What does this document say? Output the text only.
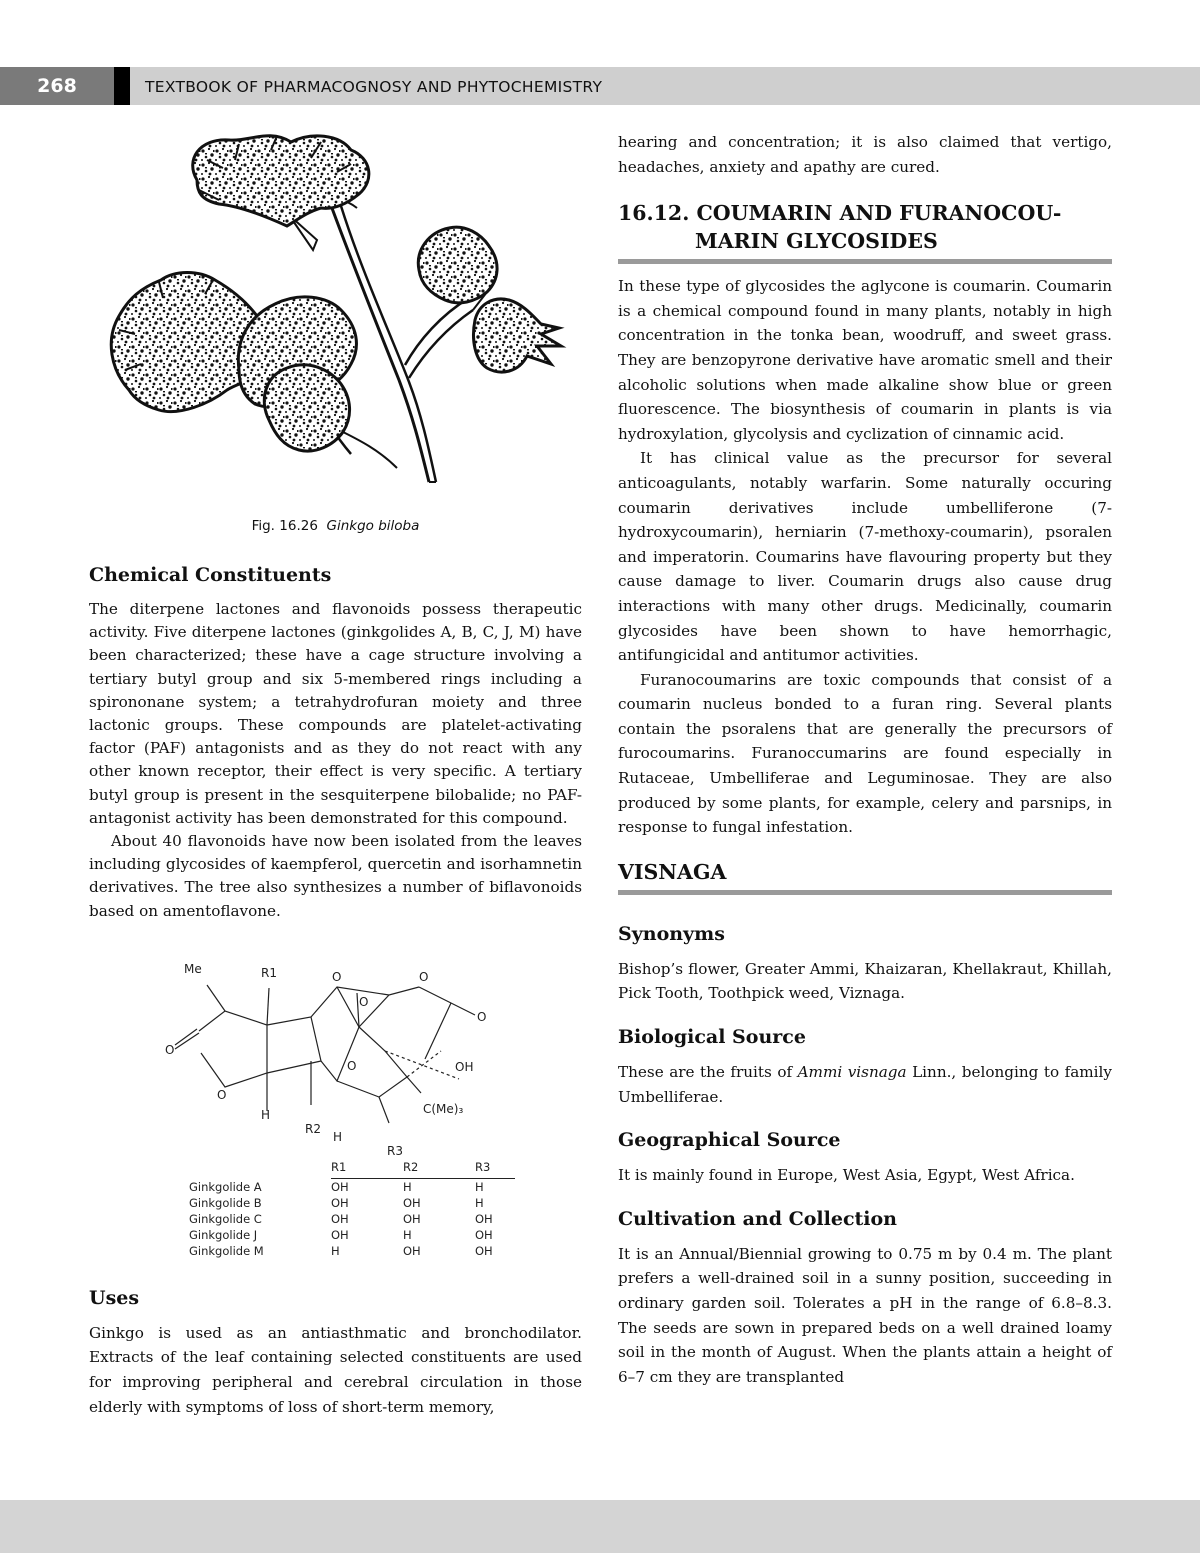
268	TEXTBOOK OF PHARMACOGNOSY AND PHYTOCHEMISTRY
Fig. 16.26 Ginkgo biloba
Chemical Constituents

The diterpene lactones and flavonoids possess therapeutic activity. Five diterpene lactones (ginkgolides A, B, C, J, M) have been characterized; these have a cage structure involving a tertiary butyl group and six 5-membered rings including a spirononane system; a tetrahydrofuran moiety and three lactonic groups. These compounds are platelet-activating factor (PAF) antagonists and as they do not react with any other known receptor, their effect is very specific. A tertiary butyl group is present in the sesquiterpene bilobalide; no PAF-antagonist activity has been demonstrated for this compound.

About 40 flavonoids have now been isolated from the leaves including glycosides of kaempferol, quercetin and isorhamnetin derivatives. The tree also synthesizes a number of biflavonoids based on amentoflavone.

Me	R1	O	O
O
O
O
O
O	OH
H
R2
H
C(Me)₃
R3
	R1	R2	R3
Ginkgolide A	OH	H	H
Ginkgolide B	OH	OH	H
Ginkgolide C	OH	OH	OH
Ginkgolide J	OH	H	OH
Ginkgolide M	H	OH	OH
Uses

Ginkgo is used as an antiasthmatic and bronchodilator. Extracts of the leaf containing selected constituents are used for improving peripheral and cerebral circulation in those elderly with symptoms of loss of short-term memory,

hearing and concentration; it is also claimed that vertigo, headaches, anxiety and apathy are cured.

16.12. COUMARIN AND FURANOCOU-
MARIN GLYCOSIDES

In these type of glycosides the aglycone is coumarin. Coumarin is a chemical compound found in many plants, notably in high concentration in the tonka bean, woodruff, and sweet grass. They are benzopyrone derivative have aromatic smell and their alcoholic solutions when made alkaline show blue or green fluorescence. The biosynthesis of coumarin in plants is via hydroxylation, glycolysis and cyclization of cinnamic acid.

It has clinical value as the precursor for several anticoagulants, notably warfarin. Some naturally occuring coumarin derivatives include umbelliferone (7-hydroxycoumarin), herniarin (7-methoxy-coumarin), psoralen and imperatorin. Coumarins have flavouring property but they cause damage to liver. Coumarin drugs also cause drug interactions with many other drugs. Medicinally, coumarin glycosides have been shown to have hemorrhagic, antifungicidal and antitumor activities.

Furanocoumarins are toxic compounds that consist of a coumarin nucleus bonded to a furan ring. Several plants contain the psoralens that are generally the precursors of furocoumarins. Furanoccumarins are found especially in Rutaceae, Umbelliferae and Leguminosae. They are also produced by some plants, for example, celery and parsnips, in response to fungal infestation.

VISNAGA
Synonyms

Bishop’s flower, Greater Ammi, Khaizaran, Khellakraut, Khillah, Pick Tooth, Toothpick weed, Viznaga.

Biological Source

These are the fruits of Ammi visnaga Linn., belonging to family Umbelliferae.

Geographical Source

It is mainly found in Europe, West Asia, Egypt, West Africa.

Cultivation and Collection

It is an Annual/Biennial growing to 0.75 m by 0.4 m. The plant prefers a well-drained soil in a sunny position, succeeding in ordinary garden soil. Tolerates a pH in the range of 6.8–8.3. The seeds are sown in prepared beds on a well drained loamy soil in the month of August. When the plants attain a height of 6–7 cm they are transplanted
